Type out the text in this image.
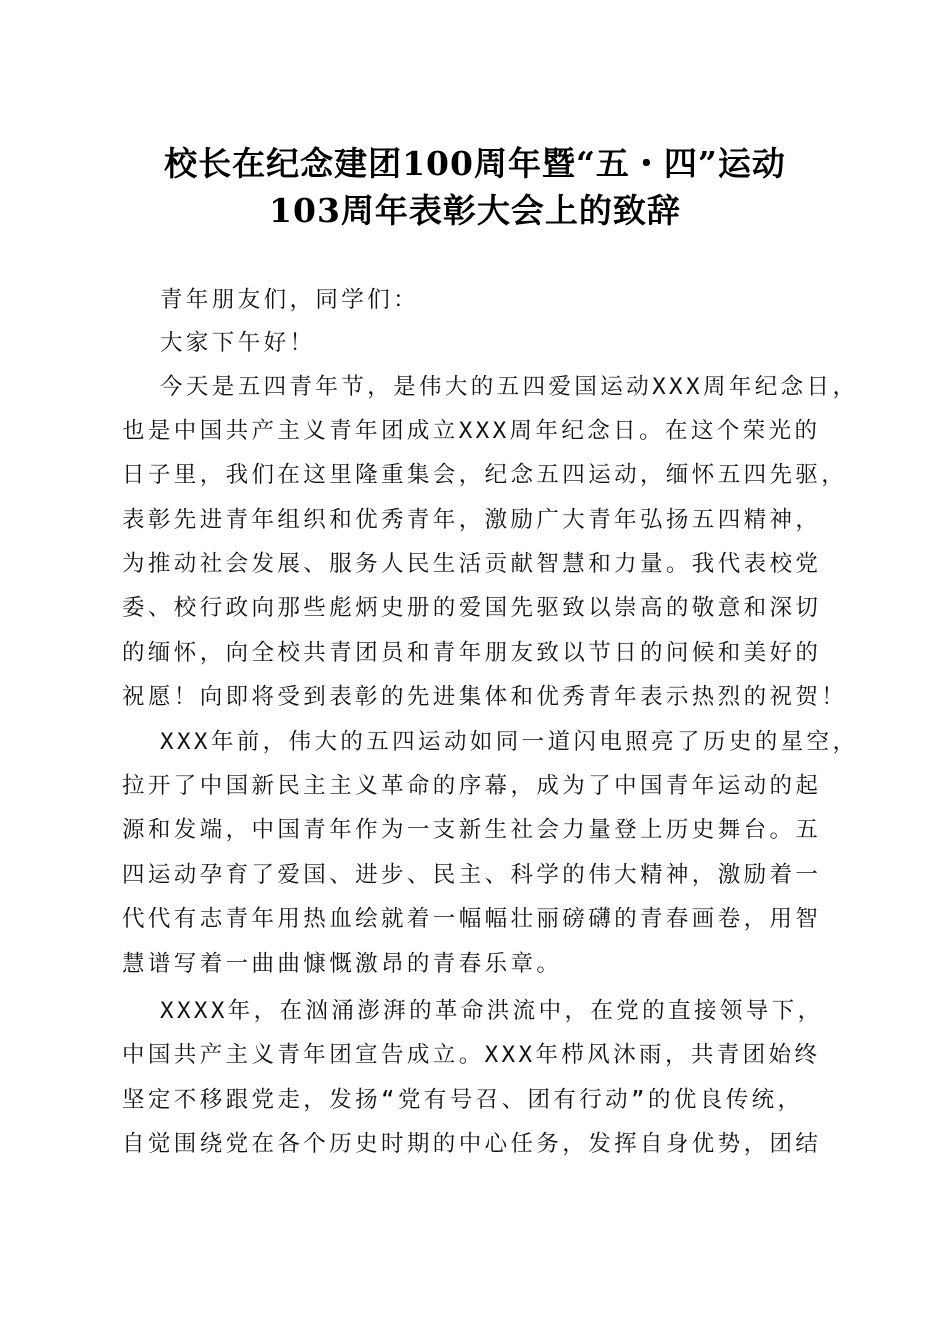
校长在纪念建团100周年暨“五・四”运动
103周年表彰大会上的致辞
青年朋友们，同学们：
大家下午好！
今天是五四青年节，是伟大的五四爱国运动XXX周年纪念日，
也是中国共产主义青年团成立XXX周年纪念日。在这个荣光的
日子里，我们在这里隆重集会，纪念五四运动，缅怀五四先驱，
表彰先进青年组织和优秀青年，激励广大青年弘扬五四精神，
为推动社会发展、服务人民生活贡献智慧和力量。我代表校党
委、校行政向那些彪炳史册的爱国先驱致以崇高的敬意和深切
的缅怀，向全校共青团员和青年朋友致以节日的问候和美好的
祝愿！向即将受到表彰的先进集体和优秀青年表示热烈的祝贺！
XXX年前，伟大的五四运动如同一道闪电照亮了历史的星空，
拉开了中国新民主主义革命的序幕，成为了中国青年运动的起
源和发端，中国青年作为一支新生社会力量登上历史舞台。五
四运动孕育了爱国、进步、民主、科学的伟大精神，激励着一
代代有志青年用热血绘就着一幅幅壮丽磅礴的青春画卷，用智
慧谱写着一曲曲慷慨激昂的青春乐章。
XXXX年，在汹涌澎湃的革命洪流中，在党的直接领导下，
中国共产主义青年团宣告成立。XXX年栉风沐雨，共青团始终
坚定不移跟党走，发扬“党有号召、团有行动”的优良传统，
自觉围绕党在各个历史时期的中心任务，发挥自身优势，团结
